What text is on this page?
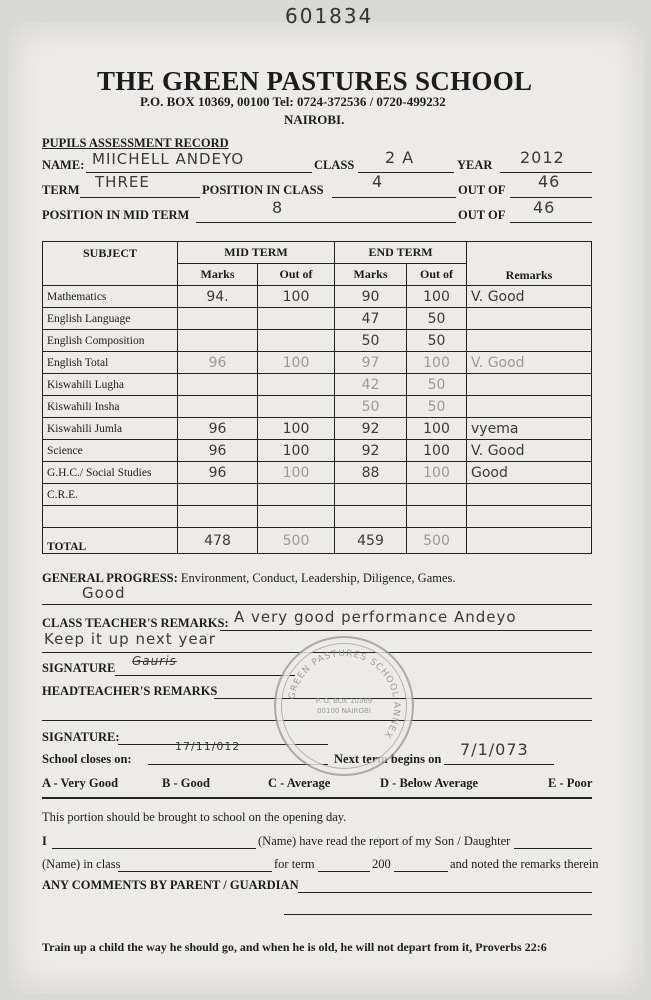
601834
THE GREEN PASTURES SCHOOL
P.O. BOX 10369, 00100 Tel: 0724-372536 / 0720-499232
NAIROBI.
PUPILS ASSESSMENT RECORD
NAME: MIICHELL ANDEYO	CLASS 2 A	YEAR 2012
TERM THREE	POSITION IN CLASS	4	OUT OF 46
POSITION IN MID TERM	8	OUT OF 46
SUBJECT	MID TERM		END TERM		Remarks
	Marks	Out of	Marks	Out of	
Mathematics	94.	100	90	100	V. Good
English Language			47	50	
English Composition			50	50	
English Total	96	100	97	100	V. Good
Kiswahili Lugha			42	50	
Kiswahili Insha			50	50	
Kiswahili Jumla	96	100	92	100	vyema
Science	96	100	92	100	V. Good
G.H.C./ Social Studies	96	100	88	100	Good
C.R.E.					

TOTAL	478	500	459	500	
GENERAL PROGRESS: Environment, Conduct, Leadership, Diligence, Games.
Good
CLASS TEACHER'S REMARKS: A very good performance Andeyo
Keep it up next year
SIGNATURE Gauris
HEADTEACHER'S REMARKS
SIGNATURE:
School closes on:
17/11/012
Next term begins on 7/1/073
GREEN PASTURES SCHOOL ANNEX
P. O. BOX 10369
00100 NAIROBI
A - Very Good	B - Good	C - Average	D - Below Average	E - Poor
This portion should be brought to school on the opening day.
I	(Name) have read the report of my Son / Daughter
(Name) in class	for term	200	and noted the remarks therein
ANY COMMENTS BY PARENT / GUARDIAN
Train up a child the way he should go, and when he is old, he will not depart from it, Proverbs 22:6
